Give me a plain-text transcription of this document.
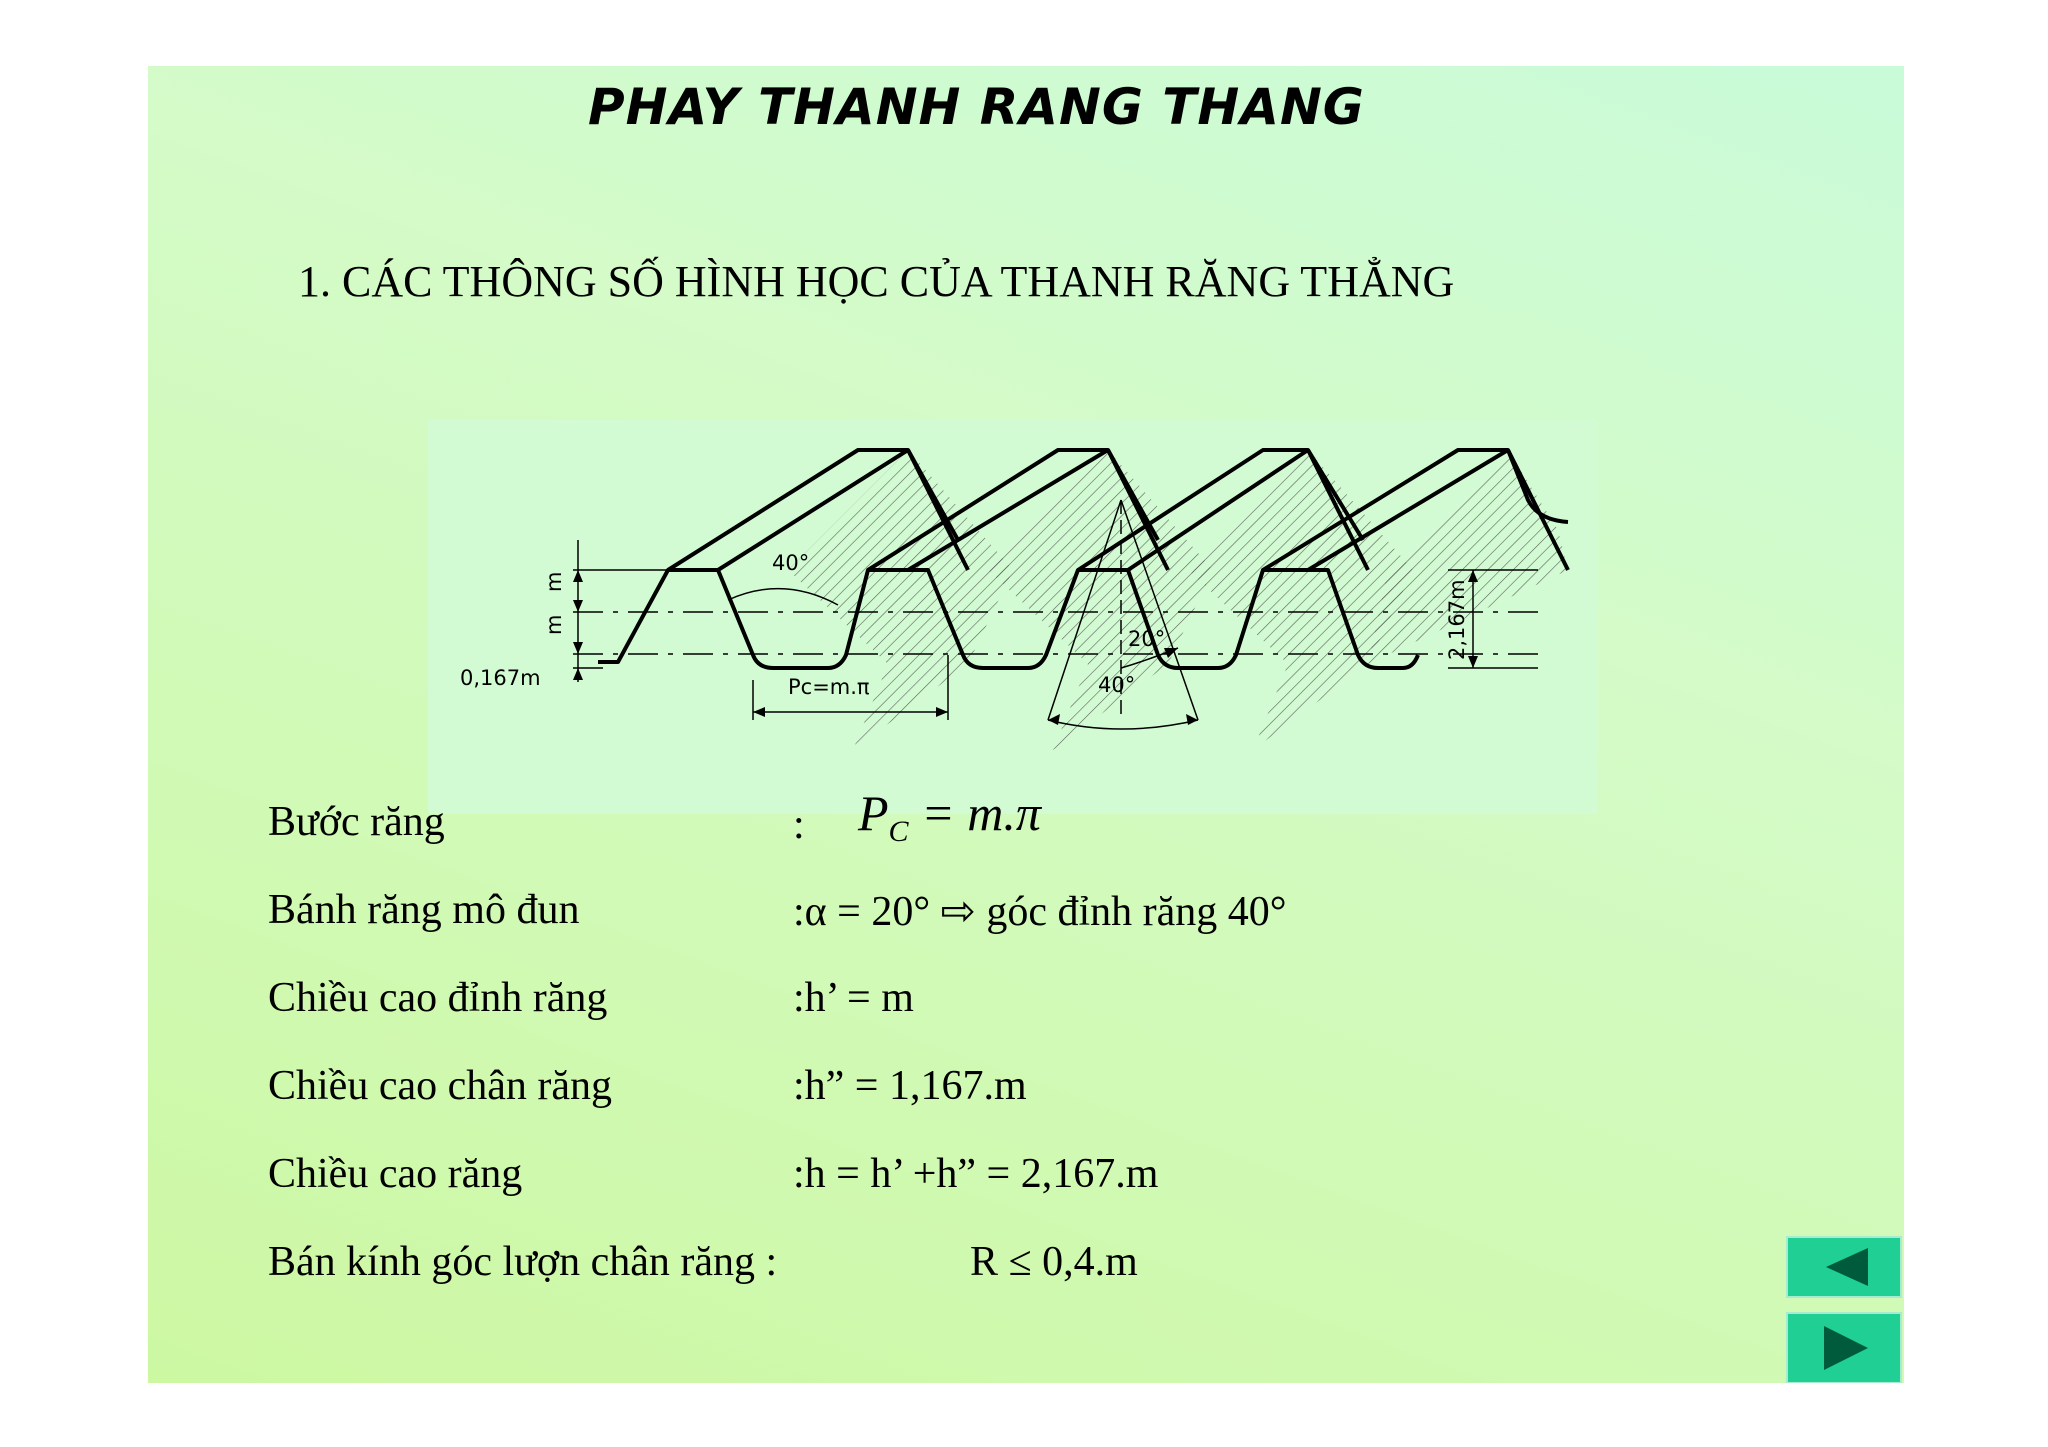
PHAY THANH RANG THANG
1. CÁC THÔNG SỐ HÌNH HỌC CỦA THANH RĂNG THẲNG
m
m
0,167m
40°
20°
40°
Pc=m.π
2,167m
Bước răng	: $P_C = m.\pi$
Bánh răng mô đun	:α = 20° ⇨ góc đỉnh răng 40°
Chiều cao đỉnh răng	:h’ = m
Chiều cao chân răng	:h” = 1,167.m
Chiều cao răng	:h = h’ +h” = 2,167.m
Bán kính góc lượn chân răng :	R ≤ 0,4.m
